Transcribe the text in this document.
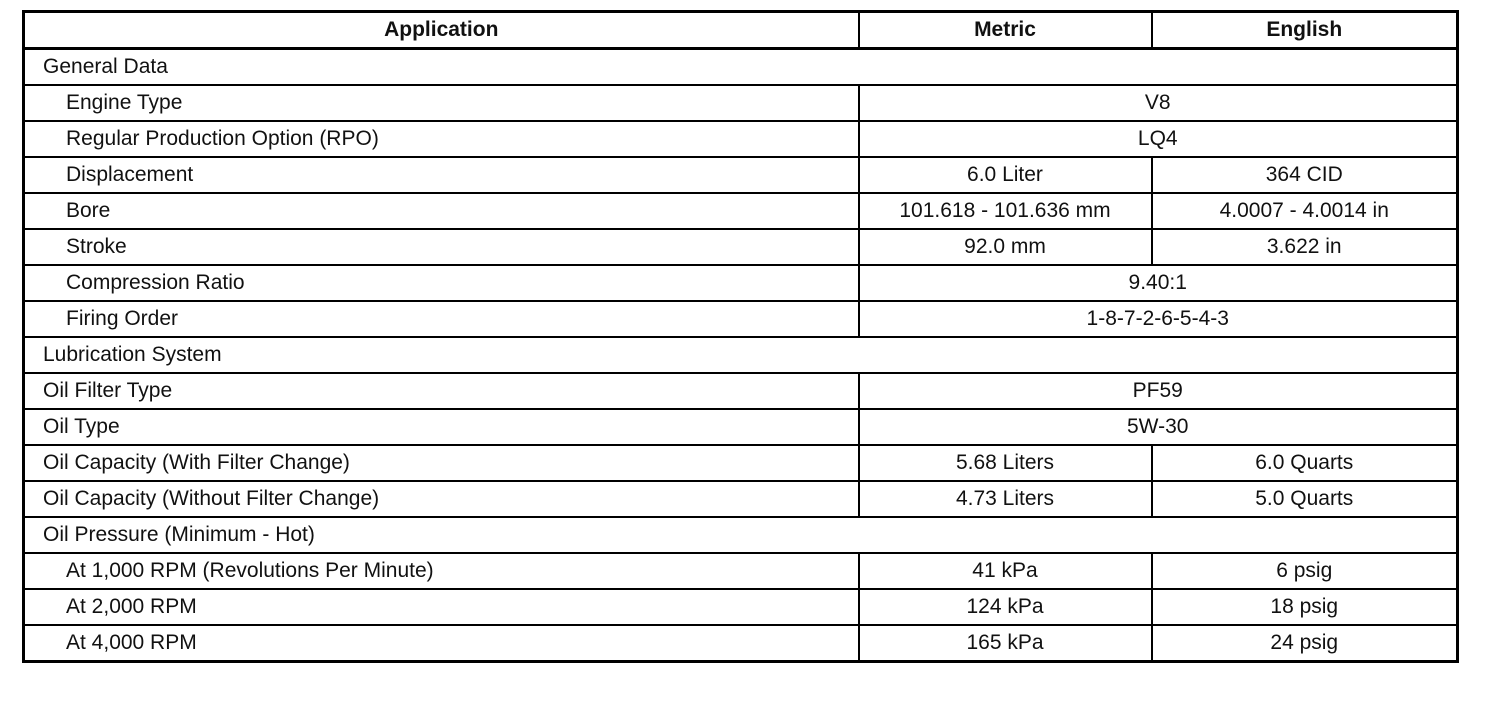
Application	Metric	English
General Data		
Engine Type	V8	
Regular Production Option (RPO)	LQ4	
Displacement	6.0 Liter	364 CID
Bore	101.618 - 101.636 mm	4.0007 - 4.0014 in
Stroke	92.0 mm	3.622 in
Compression Ratio	9.40:1	
Firing Order	1-8-7-2-6-5-4-3	
Lubrication System		
Oil Filter Type	PF59	
Oil Type	5W-30	
Oil Capacity (With Filter Change)	5.68 Liters	6.0 Quarts
Oil Capacity (Without Filter Change)	4.73 Liters	5.0 Quarts
Oil Pressure (Minimum - Hot)		
At 1,000 RPM (Revolutions Per Minute)	41 kPa	6 psig
At 2,000 RPM	124 kPa	18 psig
At 4,000 RPM	165 kPa	24 psig
